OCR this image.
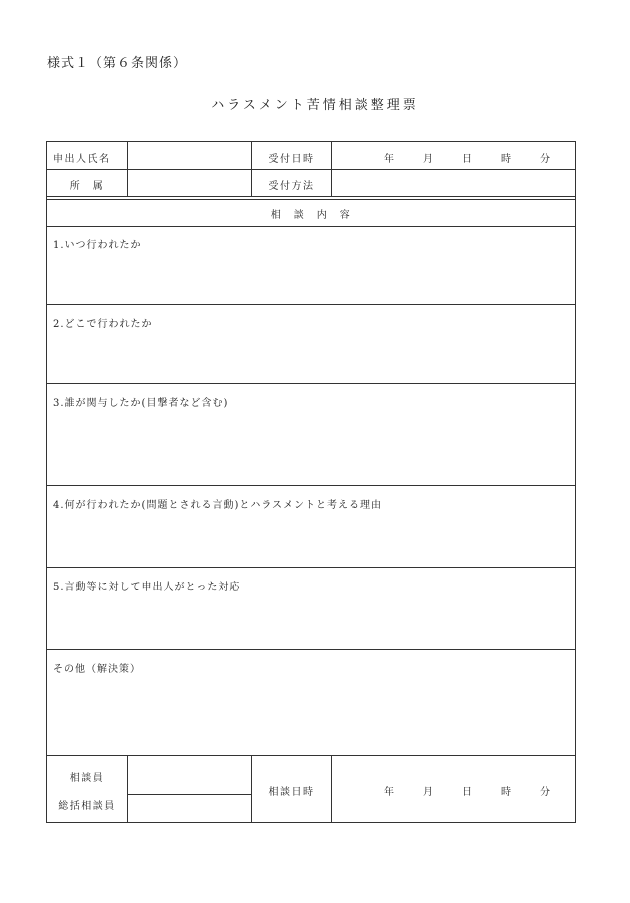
様式１（第６条関係）
ハラスメント苦情相談整理票
申出人氏名	受付日時	年	月	日	時	分
所　属	受付方法
相　談　内　容
1.いつ行われたか
2.どこで行われたか
3.誰が関与したか(目撃者など含む)
4.何が行われたか(問題とされる言動)とハラスメントと考える理由
5.言動等に対して申出人がとった対応
その他（解決策）
相談員
総括相談員
相談日時	年	月	日	時	分
